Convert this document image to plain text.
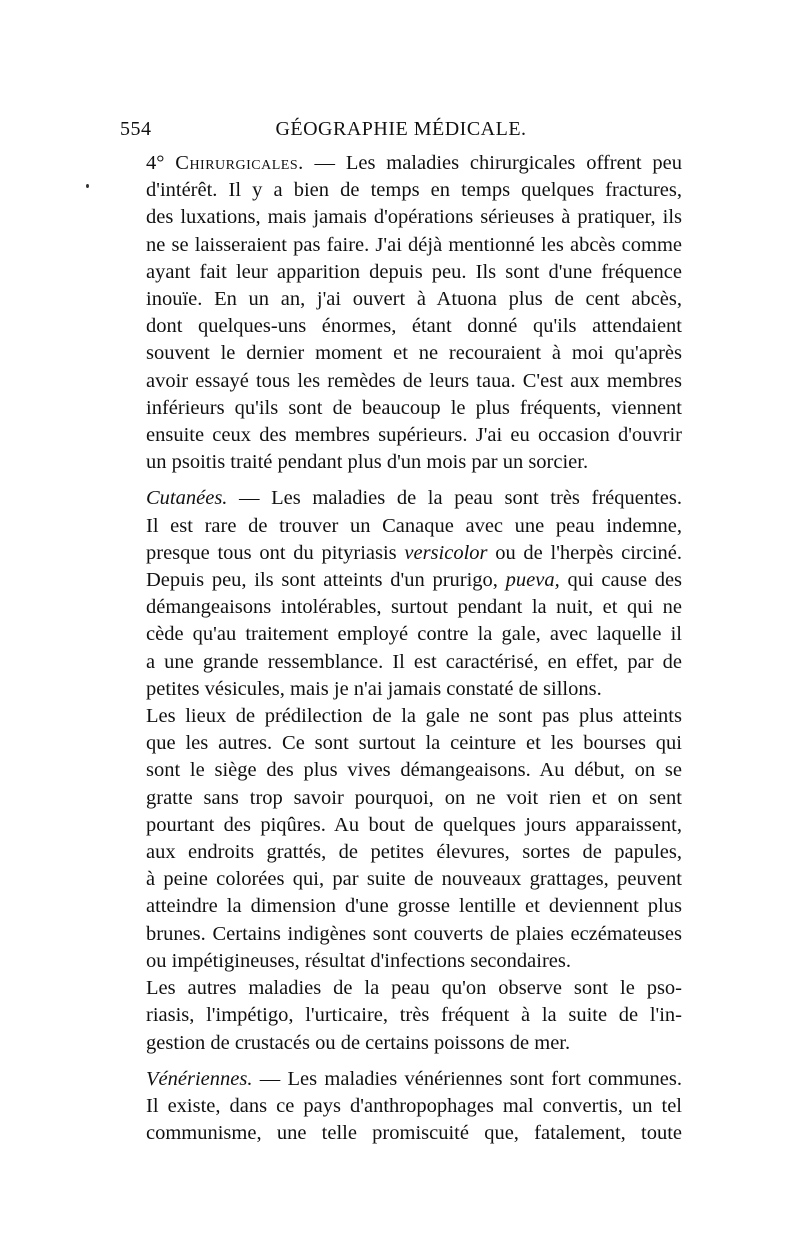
554	GÉOGRAPHIE MÉDICALE.
4° Chirurgicales. — Les maladies chirurgicales offrent peu
d'intérêt. Il y a bien de temps en temps quelques fractures,
des luxations, mais jamais d'opérations sérieuses à pratiquer, ils
ne se laisseraient pas faire. J'ai déjà mentionné les abcès comme
ayant fait leur apparition depuis peu. Ils sont d'une fréquence
inouïe. En un an, j'ai ouvert à Atuona plus de cent abcès,
dont quelques-uns énormes, étant donné qu'ils attendaient
souvent le dernier moment et ne recouraient à moi qu'après
avoir essayé tous les remèdes de leurs taua. C'est aux membres
inférieurs qu'ils sont de beaucoup le plus fréquents, viennent
ensuite ceux des membres supérieurs. J'ai eu occasion d'ouvrir
un psoitis traité pendant plus d'un mois par un sorcier.
Cutanées. — Les maladies de la peau sont très fréquentes.
Il est rare de trouver un Canaque avec une peau indemne,
presque tous ont du pityriasis versicolor ou de l'herpès circiné.
Depuis peu, ils sont atteints d'un prurigo, pueva, qui cause des
démangeaisons intolérables, surtout pendant la nuit, et qui ne
cède qu'au traitement employé contre la gale, avec laquelle il
a une grande ressemblance. Il est caractérisé, en effet, par de
petites vésicules, mais je n'ai jamais constaté de sillons.
Les lieux de prédilection de la gale ne sont pas plus atteints
que les autres. Ce sont surtout la ceinture et les bourses qui
sont le siège des plus vives démangeaisons. Au début, on se
gratte sans trop savoir pourquoi, on ne voit rien et on sent
pourtant des piqûres. Au bout de quelques jours apparaissent,
aux endroits grattés, de petites élevures, sortes de papules,
à peine colorées qui, par suite de nouveaux grattages, peuvent
atteindre la dimension d'une grosse lentille et deviennent plus
brunes. Certains indigènes sont couverts de plaies eczémateuses
ou impétigineuses, résultat d'infections secondaires.
Les autres maladies de la peau qu'on observe sont le pso-
riasis, l'impétigo, l'urticaire, très fréquent à la suite de l'in-
gestion de crustacés ou de certains poissons de mer.
Vénériennes. — Les maladies vénériennes sont fort communes.
Il existe, dans ce pays d'anthropophages mal convertis, un tel
communisme, une telle promiscuité que, fatalement, toute
